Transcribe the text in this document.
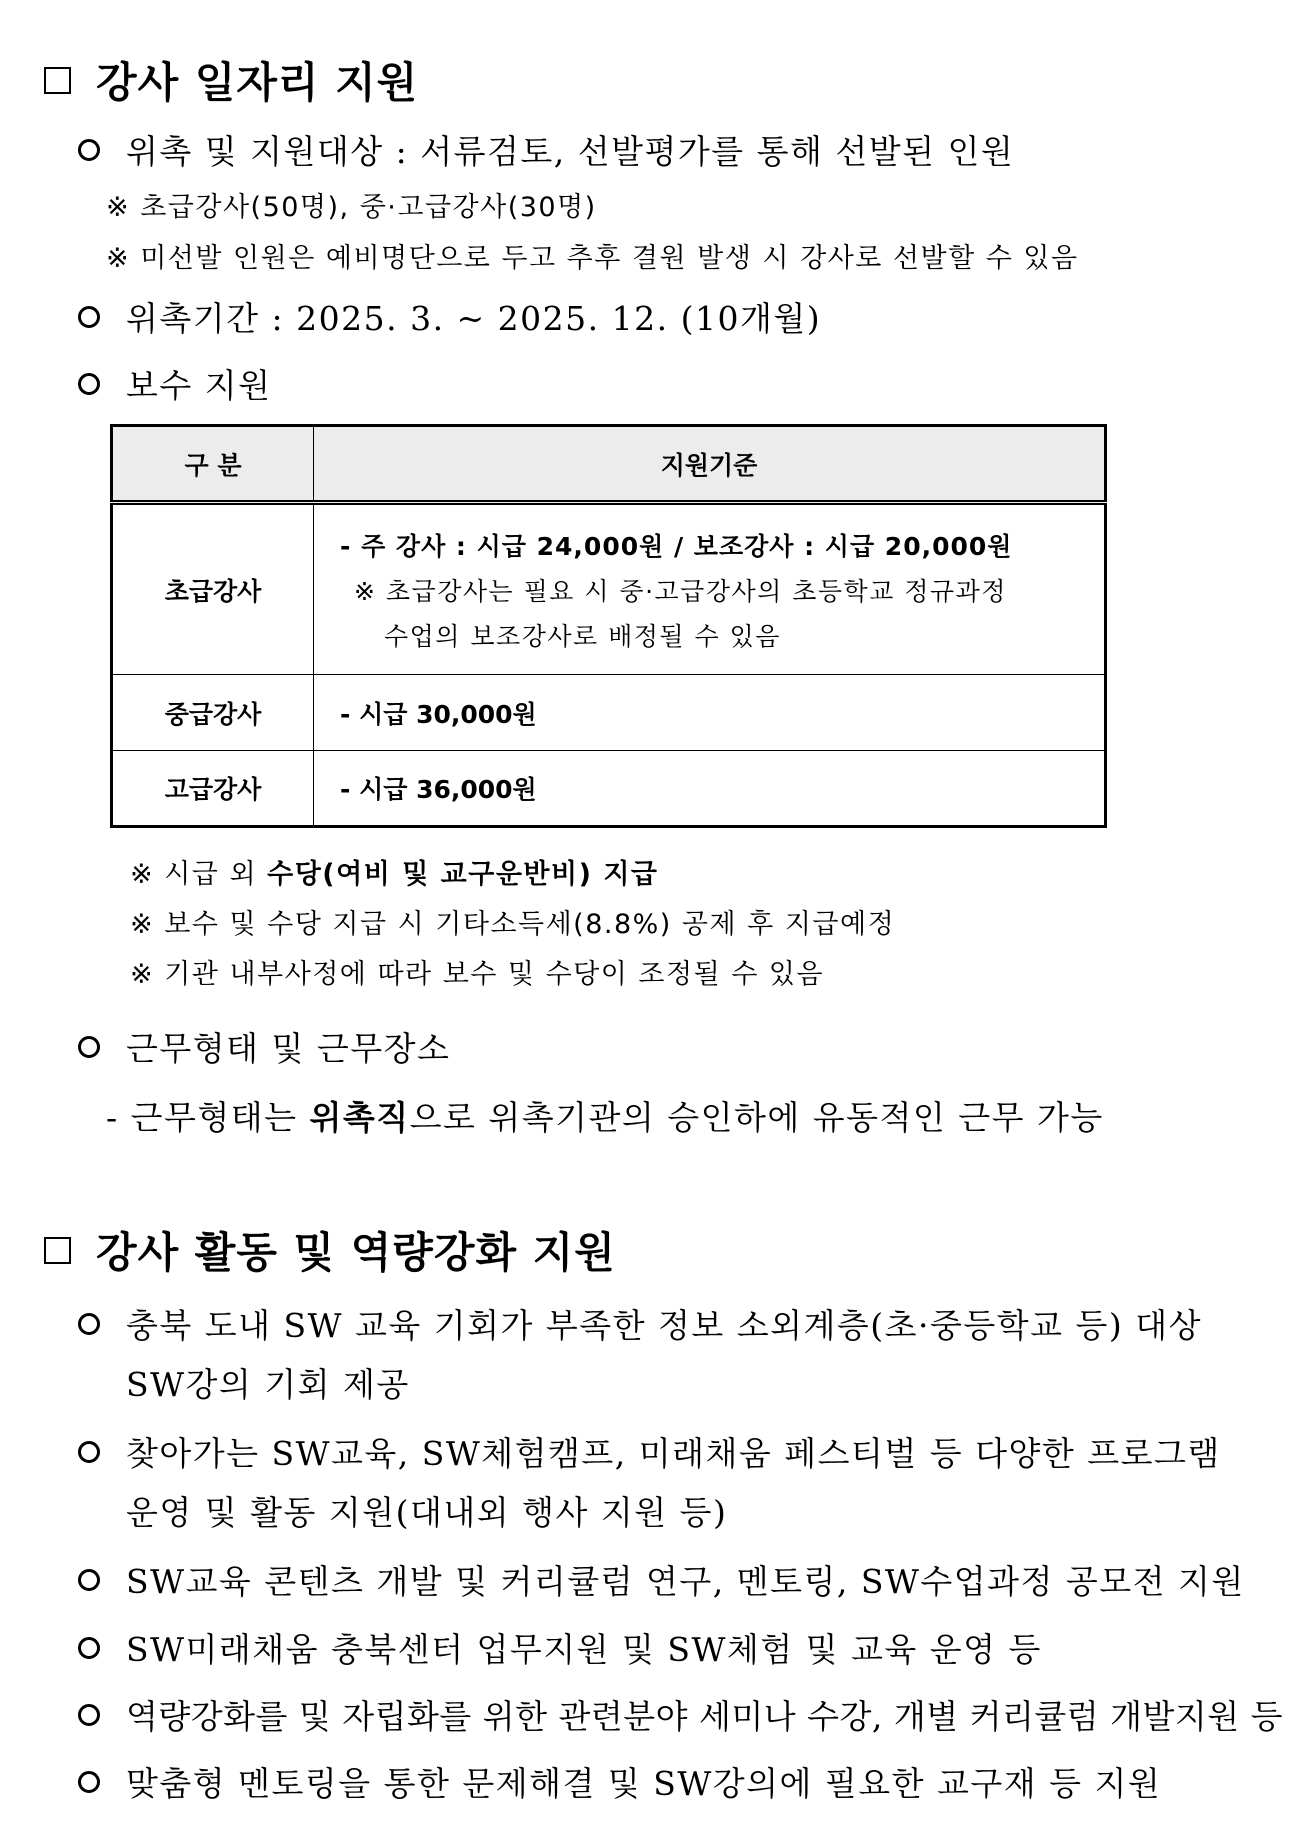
강사 일자리 지원
위촉 및 지원대상 : 서류검토, 선발평가를 통해 선발된 인원
※ 초급강사(50명), 중·고급강사(30명)
※ 미선발 인원은 예비명단으로 두고 추후 결원 발생 시 강사로 선발할 수 있음
위촉기간 : 2025. 3. ~ 2025. 12. (10개월)
보수 지원
구 분	지원기준
초급강사	- 주 강사 : 시급 24,000원 / 보조강사 : 시급 20,000원
※ 초급강사는 필요 시 중·고급강사의 초등학교 정규과정
수업의 보조강사로 배정될 수 있음

중급강사	- 시급 30,000원
고급강사	- 시급 36,000원
※ 시급 외 수당(여비 및 교구운반비) 지급
※ 보수 및 수당 지급 시 기타소득세(8.8%) 공제 후 지급예정
※ 기관 내부사정에 따라 보수 및 수당이 조정될 수 있음
근무형태 및 근무장소
- 근무형태는 위촉직으로 위촉기관의 승인하에 유동적인 근무 가능
강사 활동 및 역량강화 지원
충북 도내 SW 교육 기회가 부족한 정보 소외계층(초·중등학교 등) 대상
SW강의 기회 제공
찾아가는 SW교육, SW체험캠프, 미래채움 페스티벌 등 다양한 프로그램
운영 및 활동 지원(대내외 행사 지원 등)
SW교육 콘텐츠 개발 및 커리큘럼 연구, 멘토링, SW수업과정 공모전 지원
SW미래채움 충북센터 업무지원 및 SW체험 및 교육 운영 등
역량강화를 및 자립화를 위한 관련분야 세미나 수강, 개별 커리큘럼 개발지원 등
맞춤형 멘토링을 통한 문제해결 및 SW강의에 필요한 교구재 등 지원
